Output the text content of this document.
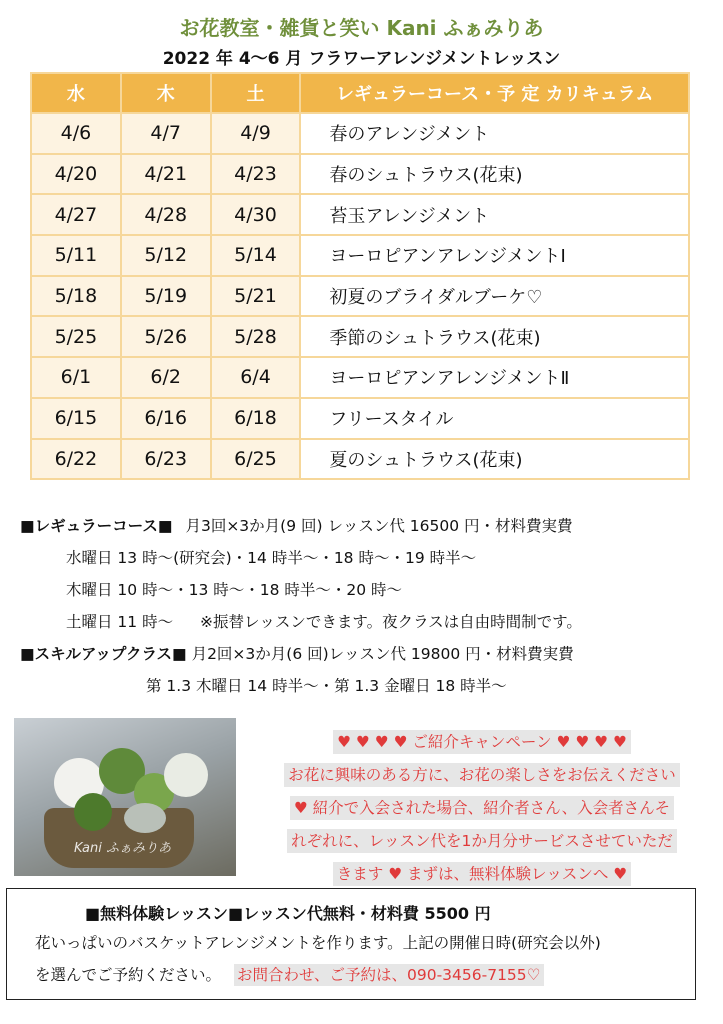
お花教室・雑貨と笑い Kani ふぁみりあ
2022 年 4～6 月 フラワーアレンジメントレッスン
水	木	土	レギュラーコース・予 定 カリキュラム
4/6	4/7	4/9	春のアレンジメント
4/20	4/21	4/23	春のシュトラウス(花束)
4/27	4/28	4/30	苔玉アレンジメント
5/11	5/12	5/14	ヨーロピアンアレンジメントⅠ
5/18	5/19	5/21	初夏のブライダルブーケ♡
5/25	5/26	5/28	季節のシュトラウス(花束)
6/1	6/2	6/4	ヨーロピアンアレンジメントⅡ
6/15	6/16	6/18	フリースタイル
6/22	6/23	6/25	夏のシュトラウス(花束)
■レギュラーコース■ 月3回×3か月(9 回) レッスン代 16500 円・材料費実費
水曜日 13 時～(研究会)・14 時半～・18 時～・19 時半～
木曜日 10 時～・13 時～・18 時半～・20 時～
土曜日 11 時～ ※振替レッスンできます。夜クラスは自由時間制です。
■スキルアップクラス■ 月2回×3か月(6 回)レッスン代 19800 円・材料費実費
第 1.3 木曜日 14 時半～・第 1.3 金曜日 18 時半～
Kani ふぁみりあ
♥ ♥ ♥ ♥ ご紹介キャンペーン ♥ ♥ ♥ ♥
お花に興味のある方に、お花の楽しさをお伝えください
♥ 紹介で入会された場合、紹介者さん、入会者さんそ
れぞれに、レッスン代を1か月分サービスさせていただ
きます ♥ まずは、無料体験レッスンへ ♥
■無料体験レッスン■レッスン代無料・材料費 5500 円
花いっぱいのバスケットアレンジメントを作ります。上記の開催日時(研究会以外)
を選んでご予約ください。 お問合わせ、ご予約は、090-3456-7155♡
